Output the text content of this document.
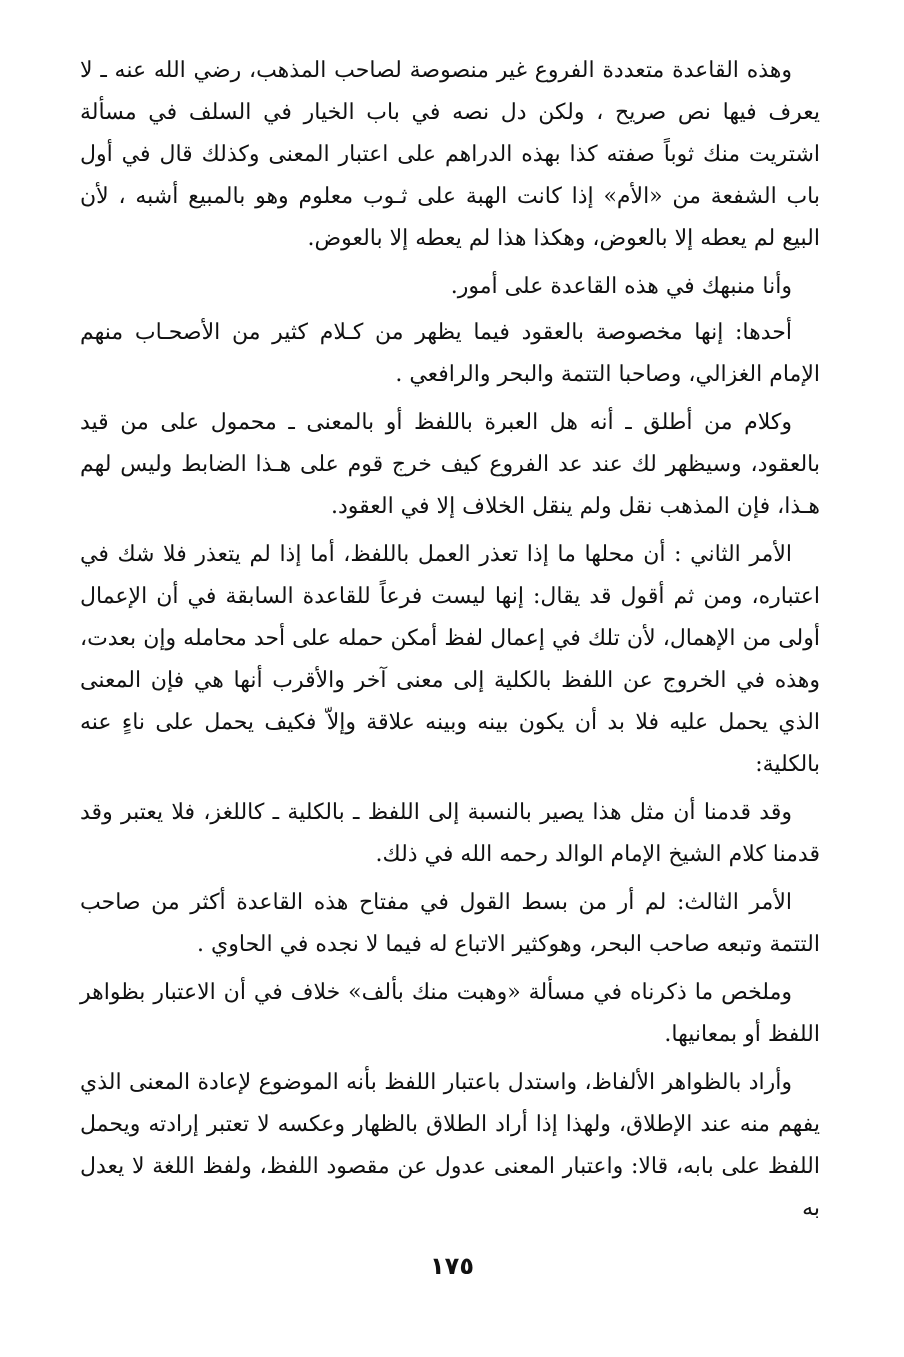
وهذه القاعدة متعددة الفروع غير منصوصة لصاحب المذهب، رضي الله عنه ـ لا يعرف فيها نص صريح ، ولكن دل نصه في باب الخيار في السلف في مسألة اشتريت منك ثوباً صفته كذا بهذه الدراهم على اعتبار المعنى وكذلك قال في أول باب الشفعة من «الأم» إذا كانت الهبة على ثـوب معلوم وهو بالمبيع أشبه ، لأن البيع لم يعطه إلا بالعوض، وهكذا هذا لم يعطه إلا بالعوض.

وأنا منبهك في هذه القاعدة على أمور.

أحدها: إنها مخصوصة بالعقود فيما يظهر من كـلام كثير من الأصحـاب منهم الإمام الغزالي، وصاحبا التتمة والبحر والرافعي .

وكلام من أطلق ـ أنه هل العبرة باللفظ أو بالمعنى ـ محمول على من قيد بالعقود، وسيظهر لك عند عد الفروع كيف خرج قوم على هـذا الضابط وليس لهم هـذا، فإن المذهب نقل ولم ينقل الخلاف إلا في العقود.

الأمر الثاني : أن محلها ما إذا تعذر العمل باللفظ، أما إذا لم يتعذر فلا شك في اعتباره، ومن ثم أقول قد يقال: إنها ليست فرعاً للقاعدة السابقة في أن الإعمال أولى من الإهمال، لأن تلك في إعمال لفظ أمكن حمله على أحد محامله وإن بعدت، وهذه في الخروج عن اللفظ بالكلية إلى معنى آخر والأقرب أنها هي فإن المعنى الذي يحمل عليه فلا بد أن يكون بينه وبينه علاقة وإلاّ فكيف يحمل على ناءٍ عنه بالكلية:

وقد قدمنا أن مثل هذا يصير بالنسبة إلى اللفظ ـ بالكلية ـ كاللغز، فلا يعتبر وقد قدمنا كلام الشيخ الإمام الوالد رحمه الله في ذلك.

الأمر الثالث: لم أر من بسط القول في مفتاح هذه القاعدة أكثر من صاحب التتمة وتبعه صاحب البحر، وهوكثير الاتباع له فيما لا نجده في الحاوي .

وملخص ما ذكرناه في مسألة «وهبت منك بألف» خلاف في أن الاعتبار بظواهر اللفظ أو بمعانيها.

وأراد بالظواهر الألفاظ، واستدل باعتبار اللفظ بأنه الموضوع لإعادة المعنى الذي يفهم منه عند الإطلاق، ولهذا إذا أراد الطلاق بالظهار وعكسه لا تعتبر إرادته ويحمل اللفظ على بابه، قالا: واعتبار المعنى عدول عن مقصود اللفظ، ولفظ اللغة لا يعدل به

١٧٥
